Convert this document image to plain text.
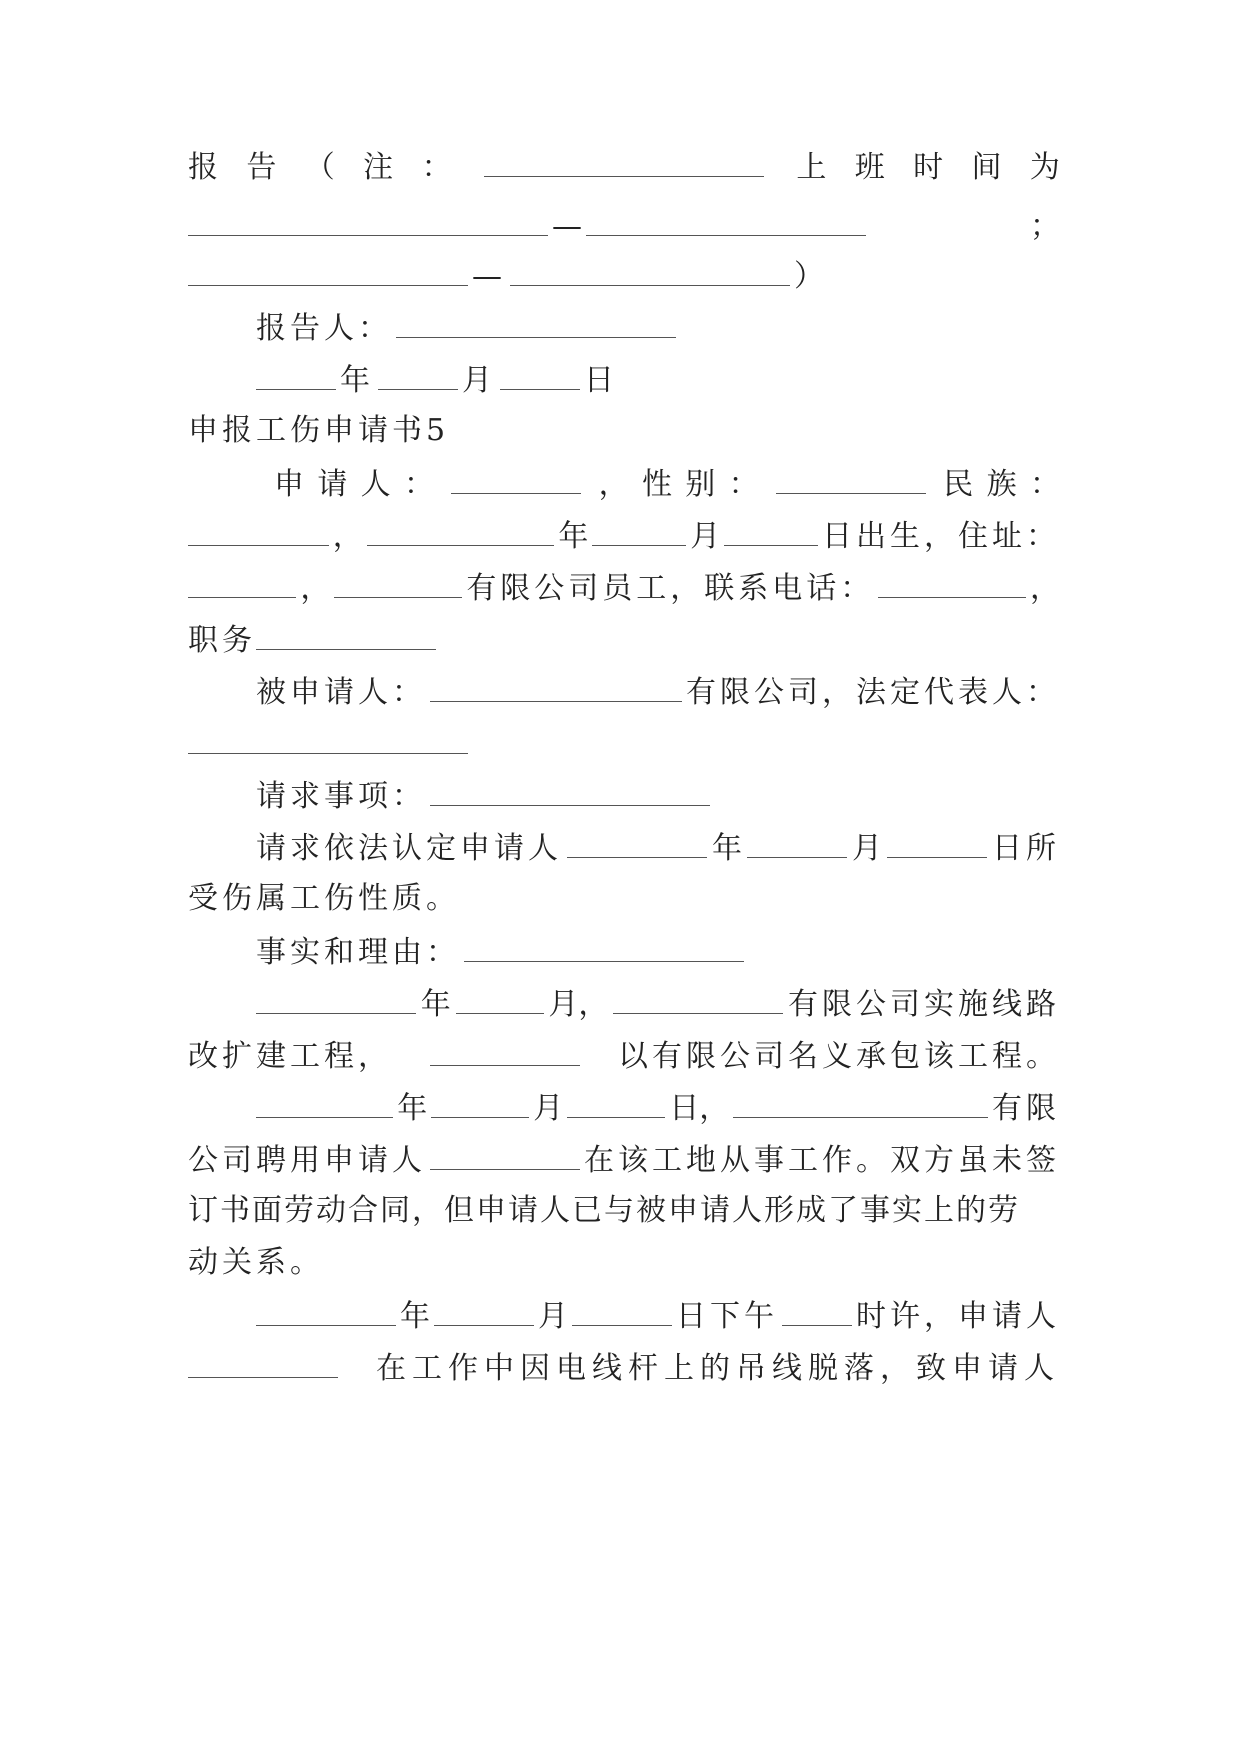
报 告 （ 注 ：	上 班 时 间 为
—	；
—	）
报告人：
年	月	日
申报工伤申请书5
申 请 人 ：	， 性 别 ：	民 族 ：
，	年	月	日出生，住址：
，	有限公司员工，联系电话：	，
职务
被申请人：	有限公司，法定代表人：
请求事项：
请求依法认定申请人	年	月	日所
受伤属工伤性质。
事实和理由：
年	月，	有限公司实施线路
改扩建工程，	以有限公司名义承包该工程。
年	月	日，	有限
公司聘用申请人	在该工地从事工作。双方虽未签
订书面劳动合同，但申请人已与被申请人形成了事实上的劳
动关系。
年	月	日下午	时许，申请人
在工作中因电线杆上的吊线脱落，致申请人
